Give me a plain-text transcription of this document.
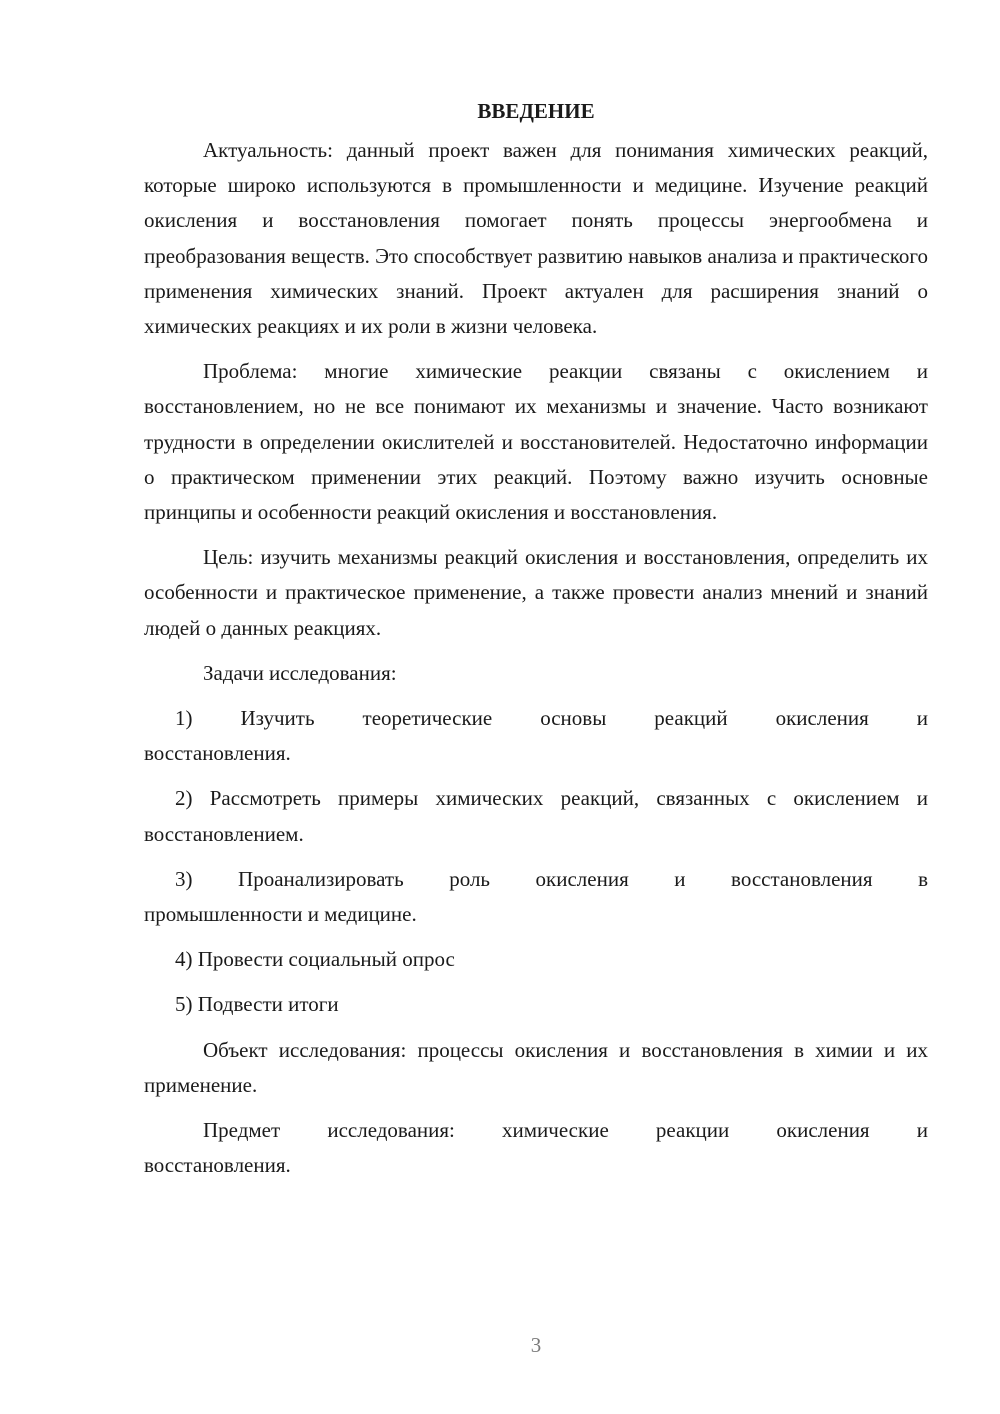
ВВЕДЕНИЕ

Актуальность: данный проект важен для понимания химических реакций, которые широко используются в промышленности и медицине. Изучение реакций окисления и восстановления помогает понять процессы энергообмена и преобразования веществ. Это способствует развитию навыков анализа и практического применения химических знаний. Проект актуален для расширения знаний о химических реакциях и их роли в жизни человека.

Проблема: многие химические реакции связаны с окислением и восстановлением, но не все понимают их механизмы и значение. Часто возникают трудности в определении окислителей и восстановителей. Недостаточно информации о практическом применении этих реакций. Поэтому важно изучить основные принципы и особенности реакций окисления и восстановления.

Цель: изучить механизмы реакций окисления и восстановления, определить их особенности и практическое применение, а также провести анализ мнений и знаний людей о данных реакциях.

Задачи исследования:

1) Изучить теоретические основы реакций окисления и
восстановления.

2) Рассмотреть примеры химических реакций, связанных с окислением и восстановлением.

3) Проанализировать роль окисления и восстановления в
промышленности и медицине.

4) Провести социальный опрос

5) Подвести итоги

Объект исследования: процессы окисления и восстановления в химии и их применение.

Предмет исследования: химические реакции окисления и
восстановления.

3
